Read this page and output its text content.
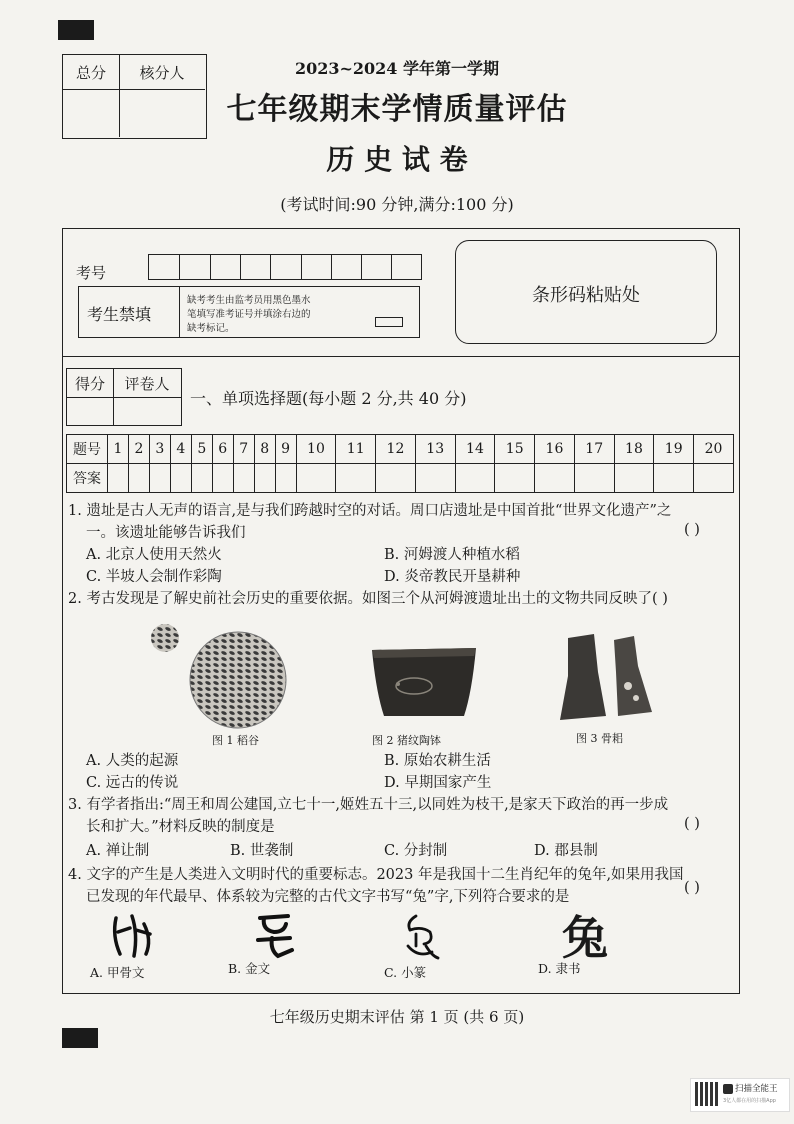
总分	核分人	2023~2024 学年第一学期
七年级期末学情质量评估
历 史 试 卷
(考试时间:90 分钟,满分:100 分)
考号
考生禁填
缺考考生由监考员用黑色墨水
笔填写准考证号并填涂右边的
缺考标记。
条形码粘贴处
得分	评卷人
一、单项选择题(每小题 2 分,共 40 分)
题号	1	2	3	4	5	6	7	8	9	10	11	12	13	14	15	16	17	18	19	20
答案																				
1. 遗址是古人无声的语言,是与我们跨越时空的对话。周口店遗址是中国首批“世界文化遗产”之
一。该遗址能够告诉我们	( )
A. 北京人使用天然火	B. 河姆渡人种植水稻
C. 半坡人会制作彩陶	D. 炎帝教民开垦耕种
2. 考古发现是了解史前社会历史的重要依据。如图三个从河姆渡遗址出土的文物共同反映了( )
图 1 稻谷	图 2 猪纹陶钵	图 3 骨耜
A. 人类的起源	B. 原始农耕生活
C. 远古的传说	D. 早期国家产生
3. 有学者指出:“周王和周公建国,立七十一,姬姓五十三,以同姓为枝干,是家天下政治的再一步成
长和扩大。”材料反映的制度是	( )
A. 禅让制	B. 世袭制	C. 分封制	D. 郡县制
4. 文字的产生是人类进入文明时代的重要标志。2023 年是我国十二生肖纪年的兔年,如果用我国
( )
已发现的年代最早、体系较为完整的古代文字书写“兔”字,下列符合要求的是
兔
A. 甲骨文	B. 金文	C. 小篆	D. 隶书
七年级历史期末评估 第 1 页 (共 6 页)
扫描全能王
3亿人都在用的扫描App
